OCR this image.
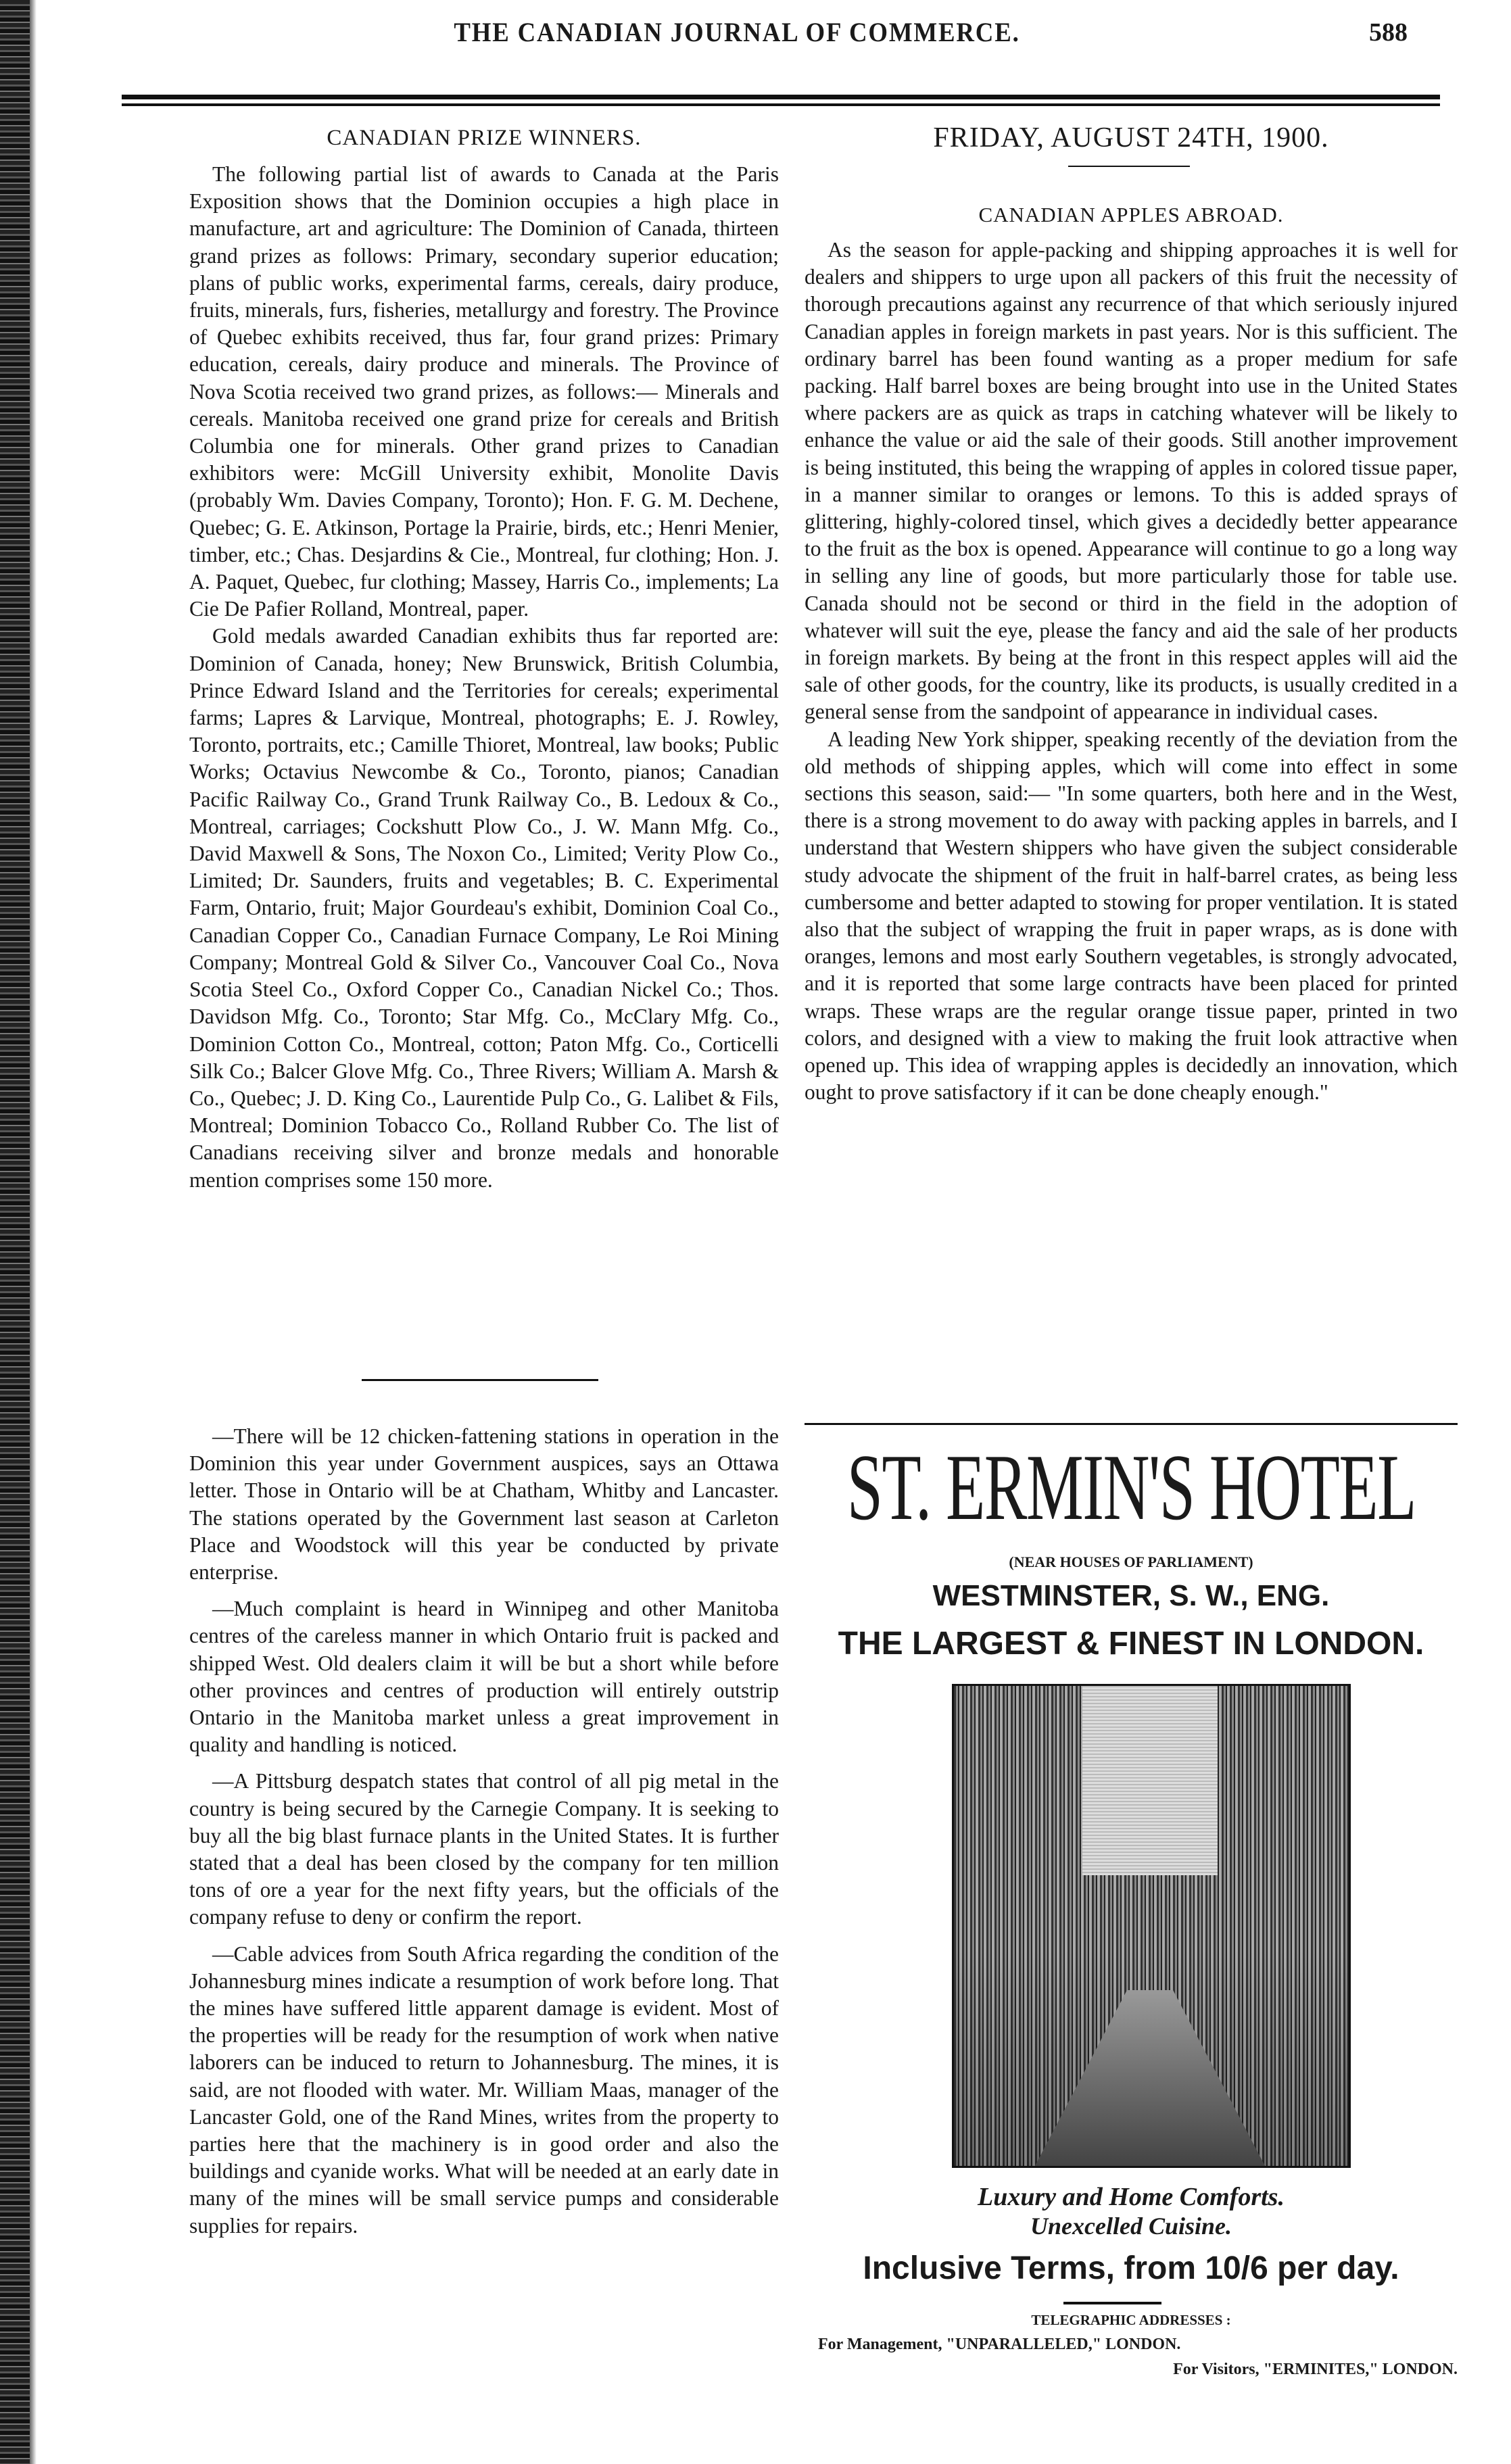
THE CANADIAN JOURNAL OF COMMERCE.	588
CANADIAN PRIZE WINNERS.

The following partial list of awards to Canada at the Paris Exposition shows that the Dominion occupies a high place in manufacture, art and agriculture: The Dominion of Canada, thirteen grand prizes as follows: Primary, secondary superior education; plans of public works, experimental farms, cereals, dairy produce, fruits, minerals, furs, fisheries, metallurgy and forestry. The Province of Quebec exhibits received, thus far, four grand prizes: Primary education, cereals, dairy produce and minerals. The Province of Nova Scotia received two grand prizes, as follows:— Minerals and cereals. Manitoba received one grand prize for cereals and British Columbia one for minerals. Other grand prizes to Canadian exhibitors were: McGill University exhibit, Monolite Davis (probably Wm. Davies Company, Toronto); Hon. F. G. M. Dechene, Quebec; G. E. Atkinson, Portage la Prairie, birds, etc.; Henri Menier, timber, etc.; Chas. Desjardins & Cie., Montreal, fur clothing; Hon. J. A. Paquet, Quebec, fur clothing; Massey, Harris Co., implements; La Cie De Pafier Rolland, Montreal, paper.

Gold medals awarded Canadian exhibits thus far reported are: Dominion of Canada, honey; New Brunswick, British Columbia, Prince Edward Island and the Territories for cereals; experimental farms; Lapres & Larvique, Montreal, photographs; E. J. Rowley, Toronto, portraits, etc.; Camille Thioret, Montreal, law books; Public Works; Octavius Newcombe & Co., Toronto, pianos; Canadian Pacific Railway Co., Grand Trunk Railway Co., B. Ledoux & Co., Montreal, carriages; Cockshutt Plow Co., J. W. Mann Mfg. Co., David Maxwell & Sons, The Noxon Co., Limited; Verity Plow Co., Limited; Dr. Saunders, fruits and vegetables; B. C. Experimental Farm, Ontario, fruit; Major Gourdeau's exhibit, Dominion Coal Co., Canadian Copper Co., Canadian Furnace Company, Le Roi Mining Company; Montreal Gold & Silver Co., Vancouver Coal Co., Nova Scotia Steel Co., Oxford Copper Co., Canadian Nickel Co.; Thos. Davidson Mfg. Co., Toronto; Star Mfg. Co., McClary Mfg. Co., Dominion Cotton Co., Montreal, cotton; Paton Mfg. Co., Corticelli Silk Co.; Balcer Glove Mfg. Co., Three Rivers; William A. Marsh & Co., Quebec; J. D. King Co., Laurentide Pulp Co., G. Lalibet & Fils, Montreal; Dominion Tobacco Co., Rolland Rubber Co. The list of Canadians receiving silver and bronze medals and honorable mention comprises some 150 more.

—There will be 12 chicken-fattening stations in operation in the Dominion this year under Government auspices, says an Ottawa letter. Those in Ontario will be at Chatham, Whitby and Lancaster. The stations operated by the Government last season at Carleton Place and Woodstock will this year be conducted by private enterprise.

—Much complaint is heard in Winnipeg and other Manitoba centres of the careless manner in which Ontario fruit is packed and shipped West. Old dealers claim it will be but a short while before other provinces and centres of production will entirely outstrip Ontario in the Manitoba market unless a great improvement in quality and handling is noticed.

—A Pittsburg despatch states that control of all pig metal in the country is being secured by the Carnegie Company. It is seeking to buy all the big blast furnace plants in the United States. It is further stated that a deal has been closed by the company for ten million tons of ore a year for the next fifty years, but the officials of the company refuse to deny or confirm the report.

—Cable advices from South Africa regarding the condition of the Johannesburg mines indicate a resumption of work before long. That the mines have suffered little apparent damage is evident. Most of the properties will be ready for the resumption of work when native laborers can be induced to return to Johannesburg. The mines, it is said, are not flooded with water. Mr. William Maas, manager of the Lancaster Gold, one of the Rand Mines, writes from the property to parties here that the machinery is in good order and also the buildings and cyanide works. What will be needed at an early date in many of the mines will be small service pumps and considerable supplies for repairs.

FRIDAY, AUGUST 24TH, 1900.
CANADIAN APPLES ABROAD.

As the season for apple-packing and shipping approaches it is well for dealers and shippers to urge upon all packers of this fruit the necessity of thorough precautions against any recurrence of that which seriously injured Canadian apples in foreign markets in past years. Nor is this sufficient. The ordinary barrel has been found wanting as a proper medium for safe packing. Half barrel boxes are being brought into use in the United States where packers are as quick as traps in catching whatever will be likely to enhance the value or aid the sale of their goods. Still another improvement is being instituted, this being the wrapping of apples in colored tissue paper, in a manner similar to oranges or lemons. To this is added sprays of glittering, highly-colored tinsel, which gives a decidedly better appearance to the fruit as the box is opened. Appearance will continue to go a long way in selling any line of goods, but more particularly those for table use. Canada should not be second or third in the field in the adoption of whatever will suit the eye, please the fancy and aid the sale of her products in foreign markets. By being at the front in this respect apples will aid the sale of other goods, for the country, like its products, is usually credited in a general sense from the sandpoint of appearance in individual cases.

A leading New York shipper, speaking recently of the deviation from the old methods of shipping apples, which will come into effect in some sections this season, said:— "In some quarters, both here and in the West, there is a strong movement to do away with packing apples in barrels, and I understand that Western shippers who have given the subject considerable study advocate the shipment of the fruit in half-barrel crates, as being less cumbersome and better adapted to stowing for proper ventilation. It is stated also that the subject of wrapping the fruit in paper wraps, as is done with oranges, lemons and most early Southern vegetables, is strongly advocated, and it is reported that some large contracts have been placed for printed wraps. These wraps are the regular orange tissue paper, printed in two colors, and designed with a view to making the fruit look attractive when opened up. This idea of wrapping apples is decidedly an innovation, which ought to prove satisfactory if it can be done cheaply enough."

ST. ERMIN'S HOTEL
(NEAR HOUSES OF PARLIAMENT)
WESTMINSTER, S. W., ENG.
THE LARGEST & FINEST IN LONDON.
Luxury and Home Comforts.
Unexcelled Cuisine.
Inclusive Terms, from 10/6 per day.
TELEGRAPHIC ADDRESSES :
For Management, "UNPARALLELED," LONDON.
For Visitors, "ERMINITES," LONDON.
